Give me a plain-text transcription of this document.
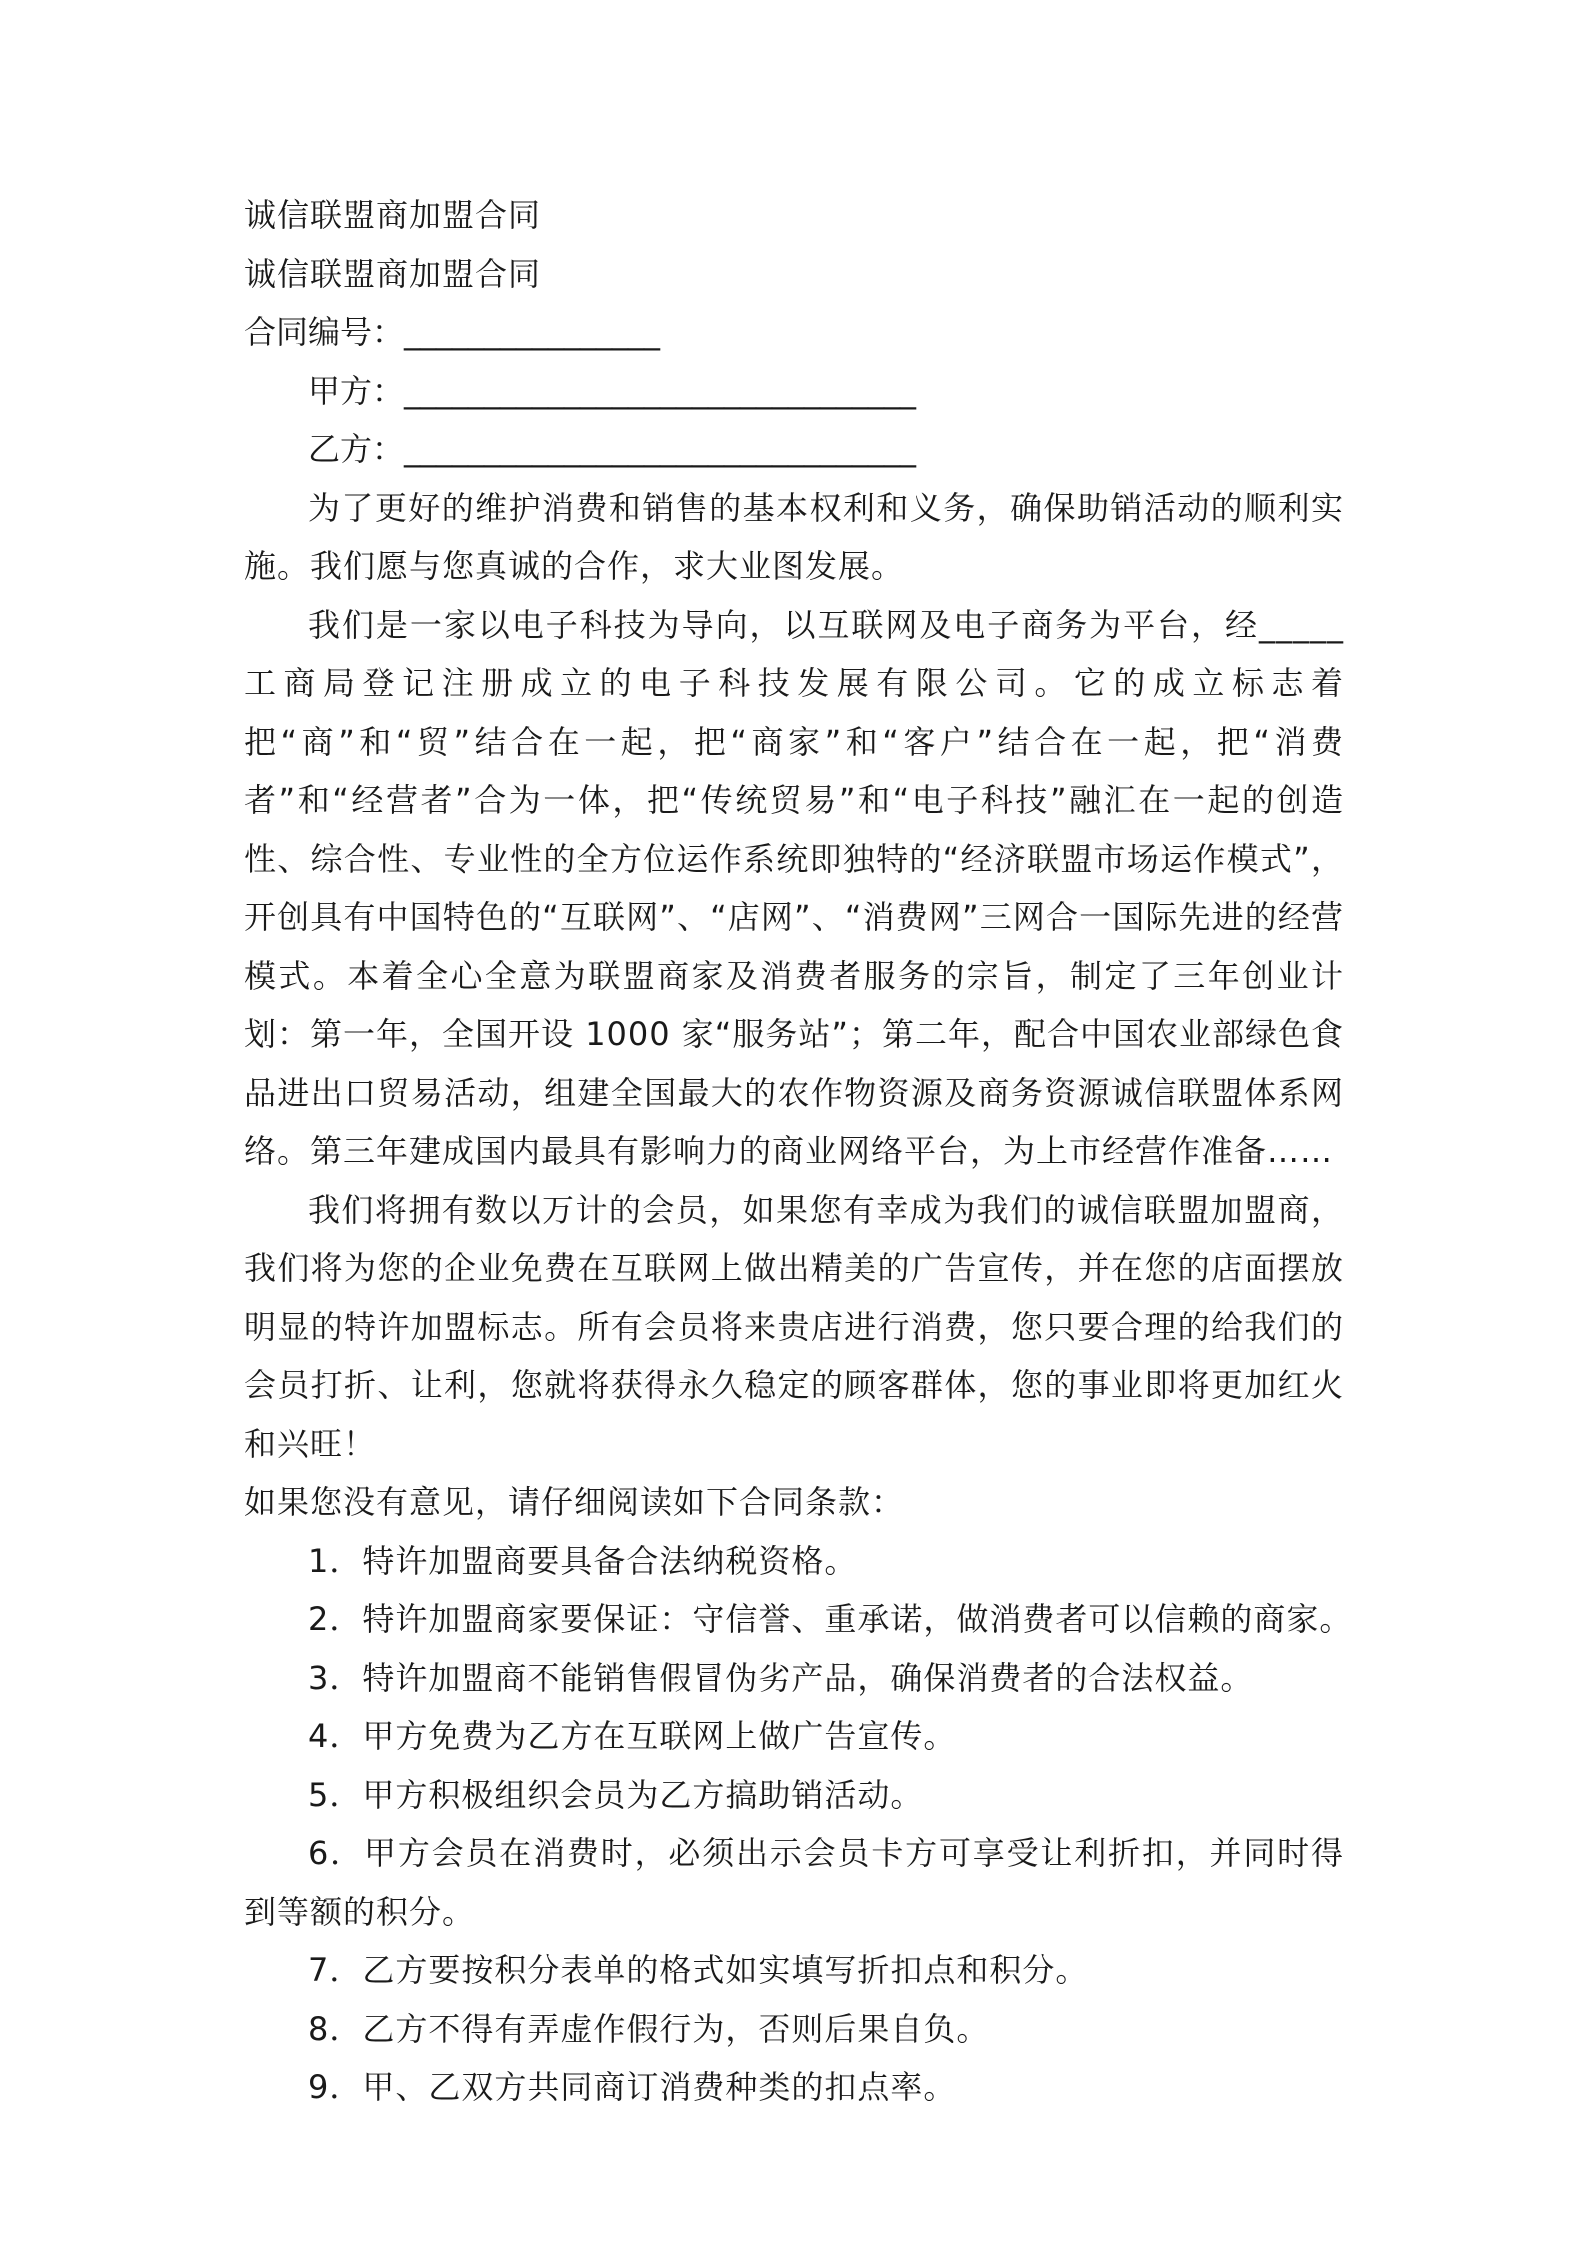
诚信联盟商加盟合同
诚信联盟商加盟合同
合同编号：________________
甲方：________________________________
乙方：________________________________
为了更好的维护消费和销售的基本权利和义务，确保助销活动的顺利实施。我们愿与您真诚的合作，求大业图发展。
我们是一家以电子科技为导向，以互联网及电子商务为平台，经_____工商局登记注册成立的电子科技发展有限公司。它的成立标志着把“商”和“贸”结合在一起，把“商家”和“客户”结合在一起，把“消费者”和“经营者”合为一体，把“传统贸易”和“电子科技”融汇在一起的创造性、综合性、专业性的全方位运作系统即独特的“经济联盟市场运作模式”，开创具有中国特色的“互联网”、“店网”、“消费网”三网合一国际先进的经营模式。本着全心全意为联盟商家及消费者服务的宗旨，制定了三年创业计划：第一年，全国开设 1000 家“服务站”；第二年，配合中国农业部绿色食品进出口贸易活动，组建全国最大的农作物资源及商务资源诚信联盟体系网络。第三年建成国内最具有影响力的商业网络平台，为上市经营作准备……
我们将拥有数以万计的会员，如果您有幸成为我们的诚信联盟加盟商，我们将为您的企业免费在互联网上做出精美的广告宣传，并在您的店面摆放明显的特许加盟标志。所有会员将来贵店进行消费，您只要合理的给我们的会员打折、让利，您就将获得永久稳定的顾客群体，您的事业即将更加红火和兴旺！
如果您没有意见，请仔细阅读如下合同条款：
1．特许加盟商要具备合法纳税资格。
2．特许加盟商家要保证：守信誉、重承诺，做消费者可以信赖的商家。
3．特许加盟商不能销售假冒伪劣产品，确保消费者的合法权益。
4．甲方免费为乙方在互联网上做广告宣传。
5．甲方积极组织会员为乙方搞助销活动。
6．甲方会员在消费时，必须出示会员卡方可享受让利折扣，并同时得到等额的积分。
7．乙方要按积分表单的格式如实填写折扣点和积分。
8．乙方不得有弄虚作假行为，否则后果自负。
9．甲、乙双方共同商订消费种类的扣点率。
